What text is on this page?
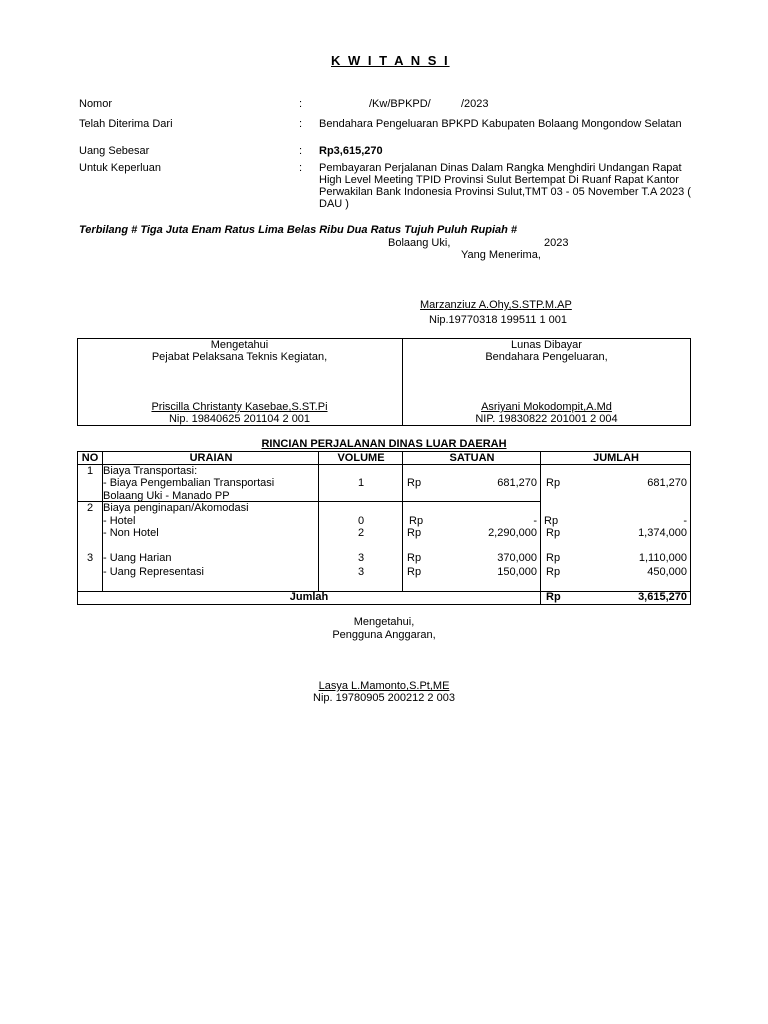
K W I T A N S I
Nomor	:	/Kw/BPKPD/	/2023
Telah Diterima Dari	: Bendahara Pengeluaran BPKPD Kabupaten Bolaang Mongondow Selatan
Uang Sebesar	: Rp3,615,270
Untuk Keperluan	: Pembayaran Perjalanan Dinas Dalam Rangka Menghdiri Undangan Rapat High Level Meeting TPID Provinsi Sulut Bertempat Di Ruanf Rapat Kantor Perwakilan Bank Indonesia Provinsi Sulut,TMT 03 - 05 November T.A 2023 ( DAU )
Terbilang # Tiga Juta Enam Ratus Lima Belas Ribu Dua Ratus Tujuh Puluh Rupiah #
Bolaang Uki,	2023
Yang Menerima,
Marzanziuz A.Ohy,S.STP.M.AP
Nip.19770318 199511 1 001
Mengetahui
Pejabat Pelaksana Teknis Kegiatan,
Priscilla Christanty Kasebae,S.ST.Pi
Nip. 19840625 201104 2 001
Lunas Dibayar
Bendahara Pengeluaran,
Asriyani Mokodompit,A.Md
NIP. 19830822 201001 2 004
RINCIAN PERJALANAN DINAS LUAR DAERAH
NO	URAIAN	VOLUME	SATUAN	JUMLAH
1 Biaya Transportasi:
- Biaya Pengembalian Transportasi	1	Rp	681,270 Rp	681,270
Bolaang Uki - Manado PP
2 Biaya penginapan/Akomodasi
- Hotel	0	Rp	- Rp	-
- Non Hotel	2	Rp	2,290,000 Rp	1,374,000
3 - Uang Harian	3	Rp	370,000 Rp	1,110,000
- Uang Representasi	3	Rp	150,000 Rp	450,000
Jumlah	Rp	3,615,270
Mengetahui,
Pengguna Anggaran,
Lasya L.Mamonto,S.Pt,ME
Nip. 19780905 200212 2 003
